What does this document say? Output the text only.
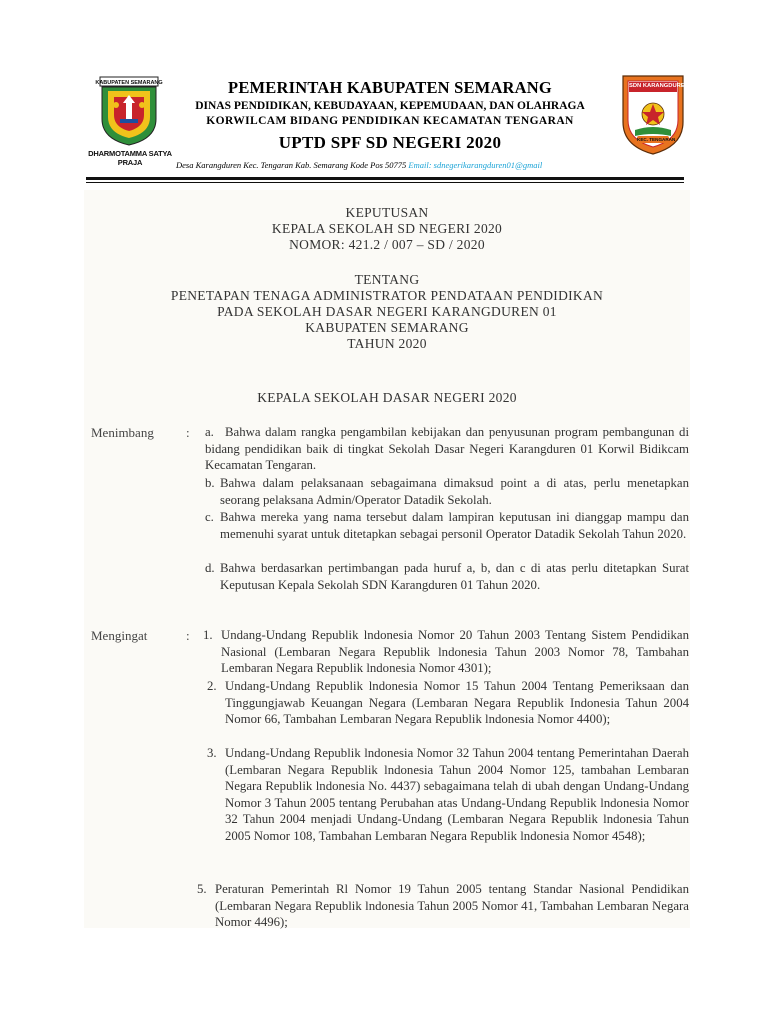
KABUPATEN SEMARANG
DHARMOTAMMA SATYA PRAJA
PEMERINTAH KABUPATEN SEMARANG
DINAS PENDIDIKAN, KEBUDAYAAN, KEPEMUDAAN, DAN OLAHRAGA
KORWILCAM BIDANG PENDIDIKAN KECAMATAN TENGARAN
UPTD SPF SD NEGERI 2020
SDN KARANGDUREN 01
KEC. TENGARAN
Desa Karangduren Kec. Tengaran Kab. Semarang Kode Pos 50775 Email: sdnegerikarangduren01@gmail
KEPUTUSAN
KEPALA SEKOLAH SD NEGERI 2020
NOMOR: 421.2 / 007 – SD / 2020
TENTANG
PENETAPAN TENAGA ADMINISTRATOR PENDATAAN PENDIDIKAN
PADA SEKOLAH DASAR NEGERI KARANGDUREN 01
KABUPATEN SEMARANG
TAHUN 2020
KEPALA SEKOLAH DASAR NEGERI 2020
Menimbang : a. Bahwa dalam rangka pengambilan kebijakan dan penyusunan program pembangunan di bidang pendidikan baik di tingkat Sekolah Dasar Negeri Karangduren 01 Korwil Bidikcam Kecamatan Tengaran.
b. Bahwa dalam pelaksanaan sebagaimana dimaksud point a di atas, perlu menetapkan seorang pelaksana Admin/Operator Datadik Sekolah.
c. Bahwa mereka yang nama tersebut dalam lampiran keputusan ini dianggap mampu dan memenuhi syarat untuk ditetapkan sebagai personil Operator Datadik Sekolah Tahun 2020.
d. Bahwa berdasarkan pertimbangan pada huruf a, b, dan c di atas perlu ditetapkan Surat Keputusan Kepala Sekolah SDN Karangduren 01 Tahun 2020.
Mengingat	: 1. Undang-Undang Republik lndonesia Nomor 20 Tahun 2003 Tentang Sistem Pendidikan Nasional (Lembaran Negara Republik lndonesia Tahun 2003 Nomor 78, Tambahan Lembaran Negara Republik lndonesia Nomor 4301);
2. Undang-Undang Republik lndonesia Nomor 15 Tahun 2004 Tentang Pemeriksaan dan Tinggungjawab Keuangan Negara (Lembaran Negara Republik Indonesia Tahun 2004 Nomor 66, Tambahan Lembaran Negara Republik lndonesia Nomor 4400);
3. Undang-Undang Republik lndonesia Nomor 32 Tahun 2004 tentang Pemerintahan Daerah (Lembaran Negara Republik lndonesia Tahun 2004 Nomor 125, tambahan Lembaran Negara Republik lndonesia No. 4437) sebagaimana telah di ubah dengan Undang-Undang Nomor 3 Tahun 2005 tentang Perubahan atas Undang-Undang Republik lndonesia Nomor 32 Tahun 2004 menjadi Undang-Undang (Lembaran Negara Republik lndonesia Tahun 2005 Nomor 108, Tambahan Lembaran Negara Republik lndonesia Nomor 4548);
5. Peraturan Pemerintah Rl Nomor 19 Tahun 2005 tentang Standar Nasional Pendidikan (Lembaran Negara Republik lndonesia Tahun 2005 Nomor 41, Tambahan Lembaran Negara Nomor 4496);
